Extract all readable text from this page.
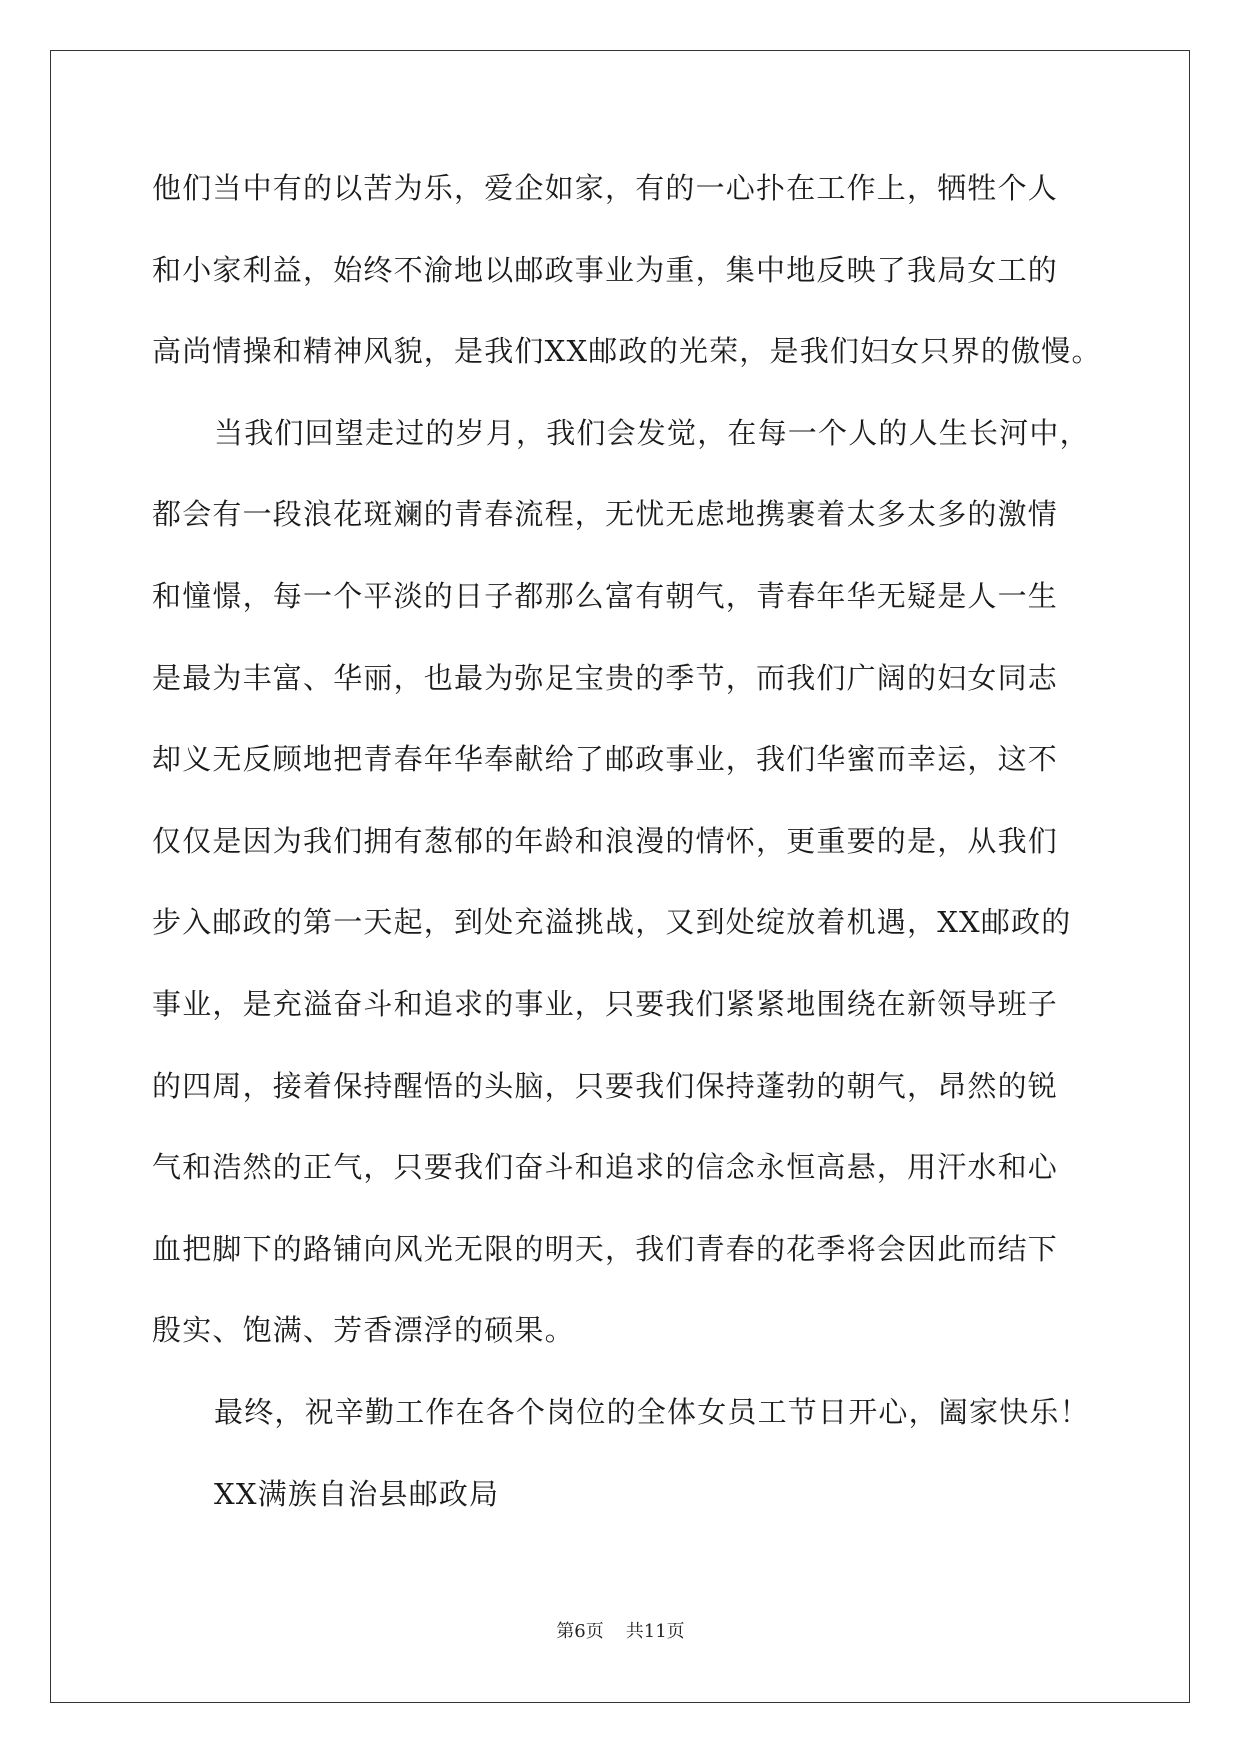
他们当中有的以苦为乐，爱企如家，有的一心扑在工作上，牺牲个人
和小家利益，始终不渝地以邮政事业为重，集中地反映了我局女工的
高尚情操和精神风貌，是我们XX邮政的光荣，是我们妇女只界的傲慢。
当我们回望走过的岁月，我们会发觉，在每一个人的人生长河中，
都会有一段浪花斑斓的青春流程，无忧无虑地携裹着太多太多的激情
和憧憬，每一个平淡的日子都那么富有朝气，青春年华无疑是人一生
是最为丰富、华丽，也最为弥足宝贵的季节，而我们广阔的妇女同志
却义无反顾地把青春年华奉献给了邮政事业，我们华蜜而幸运，这不
仅仅是因为我们拥有葱郁的年龄和浪漫的情怀，更重要的是，从我们
步入邮政的第一天起，到处充溢挑战，又到处绽放着机遇，XX邮政的
事业，是充溢奋斗和追求的事业，只要我们紧紧地围绕在新领导班子
的四周，接着保持醒悟的头脑，只要我们保持蓬勃的朝气，昂然的锐
气和浩然的正气，只要我们奋斗和追求的信念永恒高悬，用汗水和心
血把脚下的路铺向风光无限的明天，我们青春的花季将会因此而结下
殷实、饱满、芳香漂浮的硕果。
最终，祝辛勤工作在各个岗位的全体女员工节日开心，阖家快乐！
XX满族自治县邮政局
第6页 共11页
